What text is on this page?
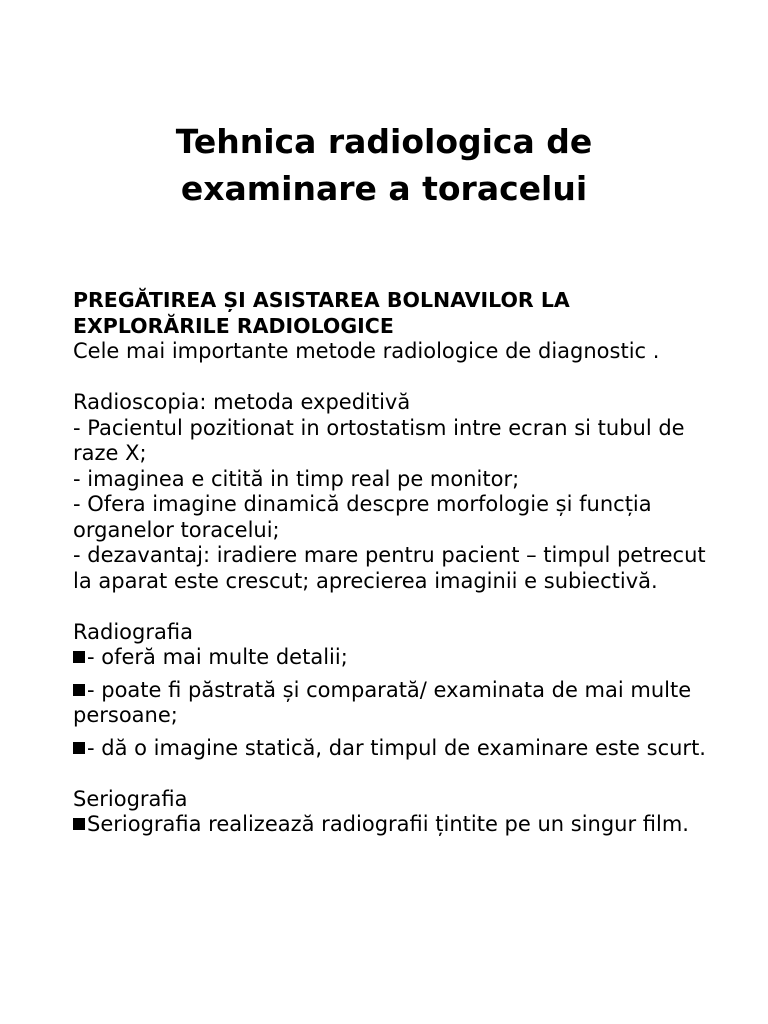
Tehnica radiologica de
examinare a toracelui

PREGĂTIREA ȘI ASISTAREA BOLNAVILOR LA
EXPLORĂRILE RADIOLOGICE

Cele mai importante metode radiologice de diagnostic .

Radioscopia: metoda expeditivă

- Pacientul pozitionat in ortostatism intre ecran si tubul de raze X;

- imaginea e citită in timp real pe monitor;

- Ofera imagine dinamică descpre morfologie și funcția organelor toracelui;

- dezavantaj: iradiere mare pentru pacient – timpul petrecut la aparat este crescut; aprecierea imaginii e subiectivă.

Radiografia

- oferă mai multe detalii;

- poate fi păstrată și comparată/ examinata de mai multe persoane;

- dă o imagine statică, dar timpul de examinare este scurt.

Seriografia

Seriografia realizează radiografii țintite pe un singur film.
